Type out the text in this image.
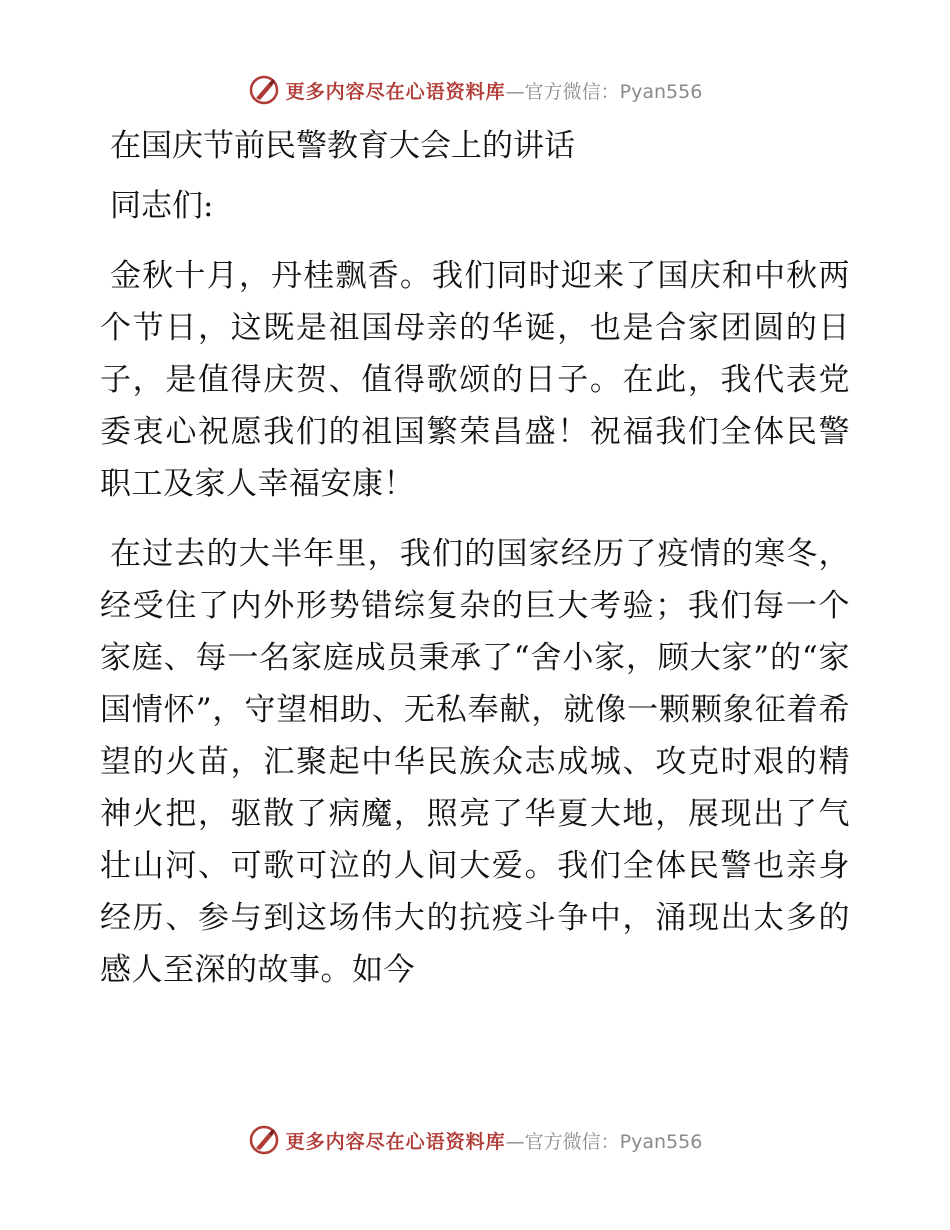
更多内容尽在心语资料库 —官方微信：Pyan556
在国庆节前民警教育大会上的讲话

同志们:

金秋十月，丹桂飘香。我们同时迎来了国庆和中秋两个节日，这既是祖国母亲的华诞，也是合家团圆的日子，是值得庆贺、值得歌颂的日子。在此，我代表党委衷心祝愿我们的祖国繁荣昌盛！祝福我们全体民警职工及家人幸福安康！

在过去的大半年里，我们的国家经历了疫情的寒冬，经受住了内外形势错综复杂的巨大考验；我们每一个家庭、每一名家庭成员秉承了“舍小家，顾大家”的“家国情怀”，守望相助、无私奉献，就像一颗颗象征着希望的火苗，汇聚起中华民族众志成城、攻克时艰的精神火把，驱散了病魔，照亮了华夏大地，展现出了气壮山河、可歌可泣的人间大爱。我们全体民警也亲身经历、参与到这场伟大的抗疫斗争中，涌现出太多的感人至深的故事。如今

更多内容尽在心语资料库 —官方微信：Pyan556
